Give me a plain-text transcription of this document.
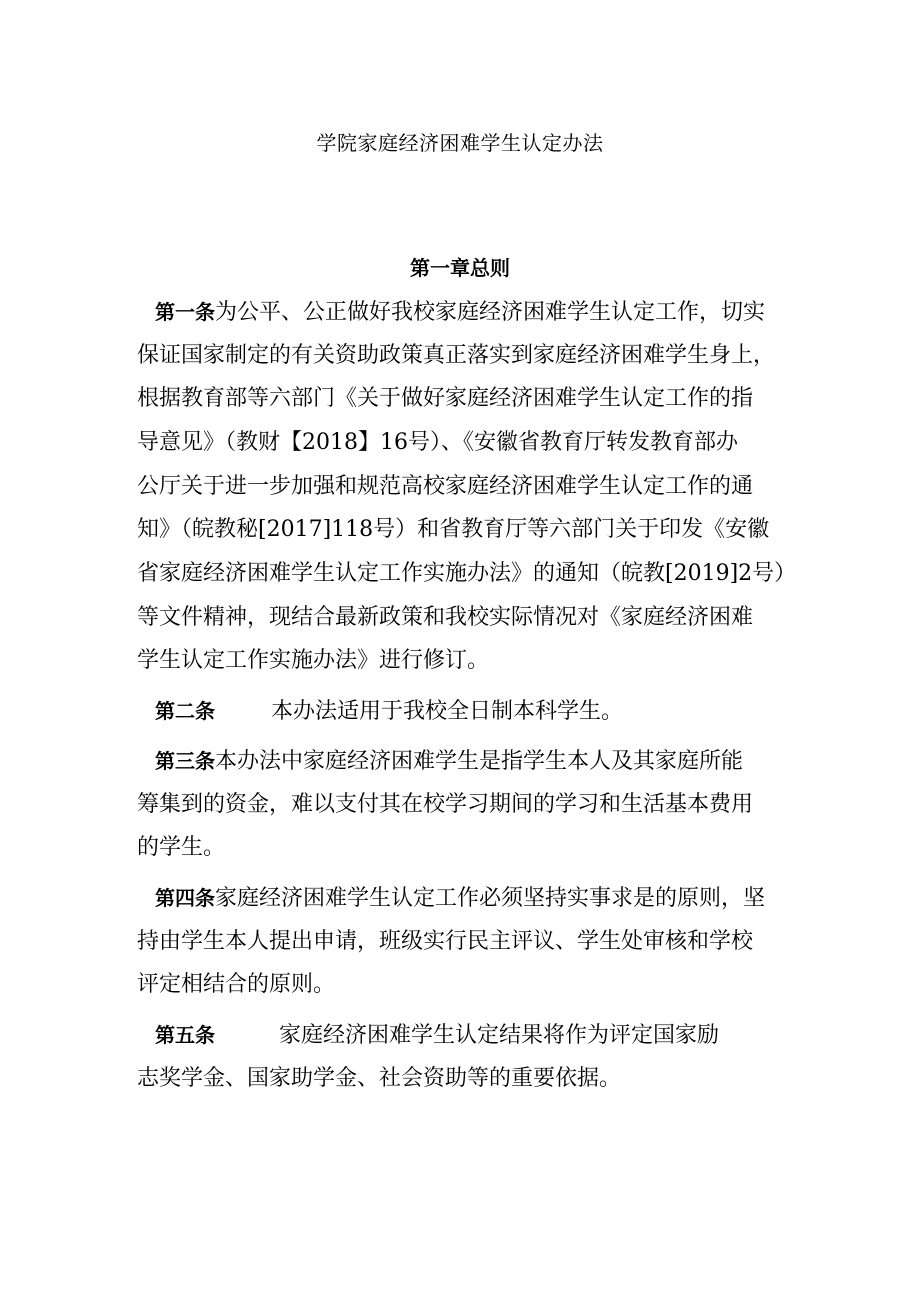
学院家庭经济困难学生认定办法
第一章总则
第一条为公平、公正做好我校家庭经济困难学生认定工作，切实
保证国家制定的有关资助政策真正落实到家庭经济困难学生身上，
根据教育部等六部门《关于做好家庭经济困难学生认定工作的指
导意见》（教财【2018】16号）、《安徽省教育厅转发教育部办
公厅关于进一步加强和规范高校家庭经济困难学生认定工作的通
知》（皖教秘[2017]118号）和省教育厅等六部门关于印发《安徽
省家庭经济困难学生认定工作实施办法》的通知（皖教[2019]2号）
等文件精神，现结合最新政策和我校实际情况对《家庭经济困难
学生认定工作实施办法》进行修订。
第二条	本办法适用于我校全日制本科学生。
第三条本办法中家庭经济困难学生是指学生本人及其家庭所能
筹集到的资金，难以支付其在校学习期间的学习和生活基本费用
的学生。
第四条家庭经济困难学生认定工作必须坚持实事求是的原则，坚
持由学生本人提出申请，班级实行民主评议、学生处审核和学校
评定相结合的原则。
第五条	家庭经济困难学生认定结果将作为评定国家励
志奖学金、国家助学金、社会资助等的重要依据。
